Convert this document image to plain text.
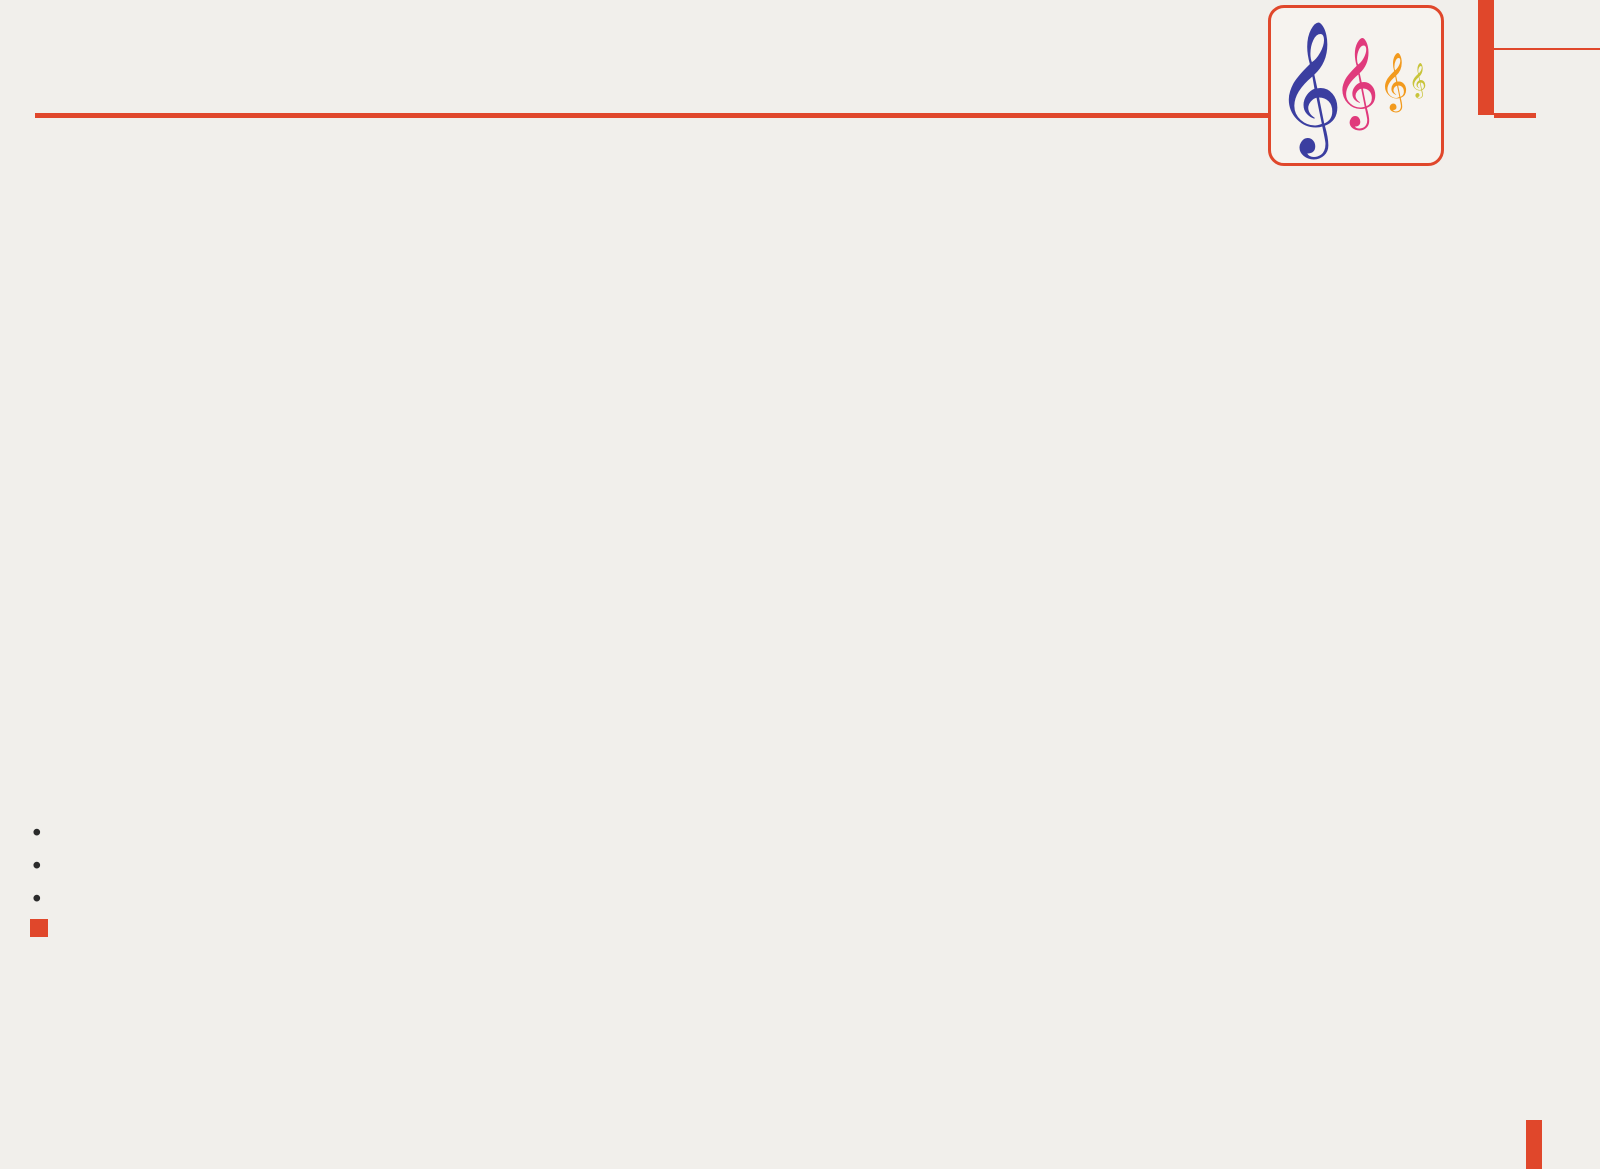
𝄞
𝄞 𝄞 𝄞
•
•
•
